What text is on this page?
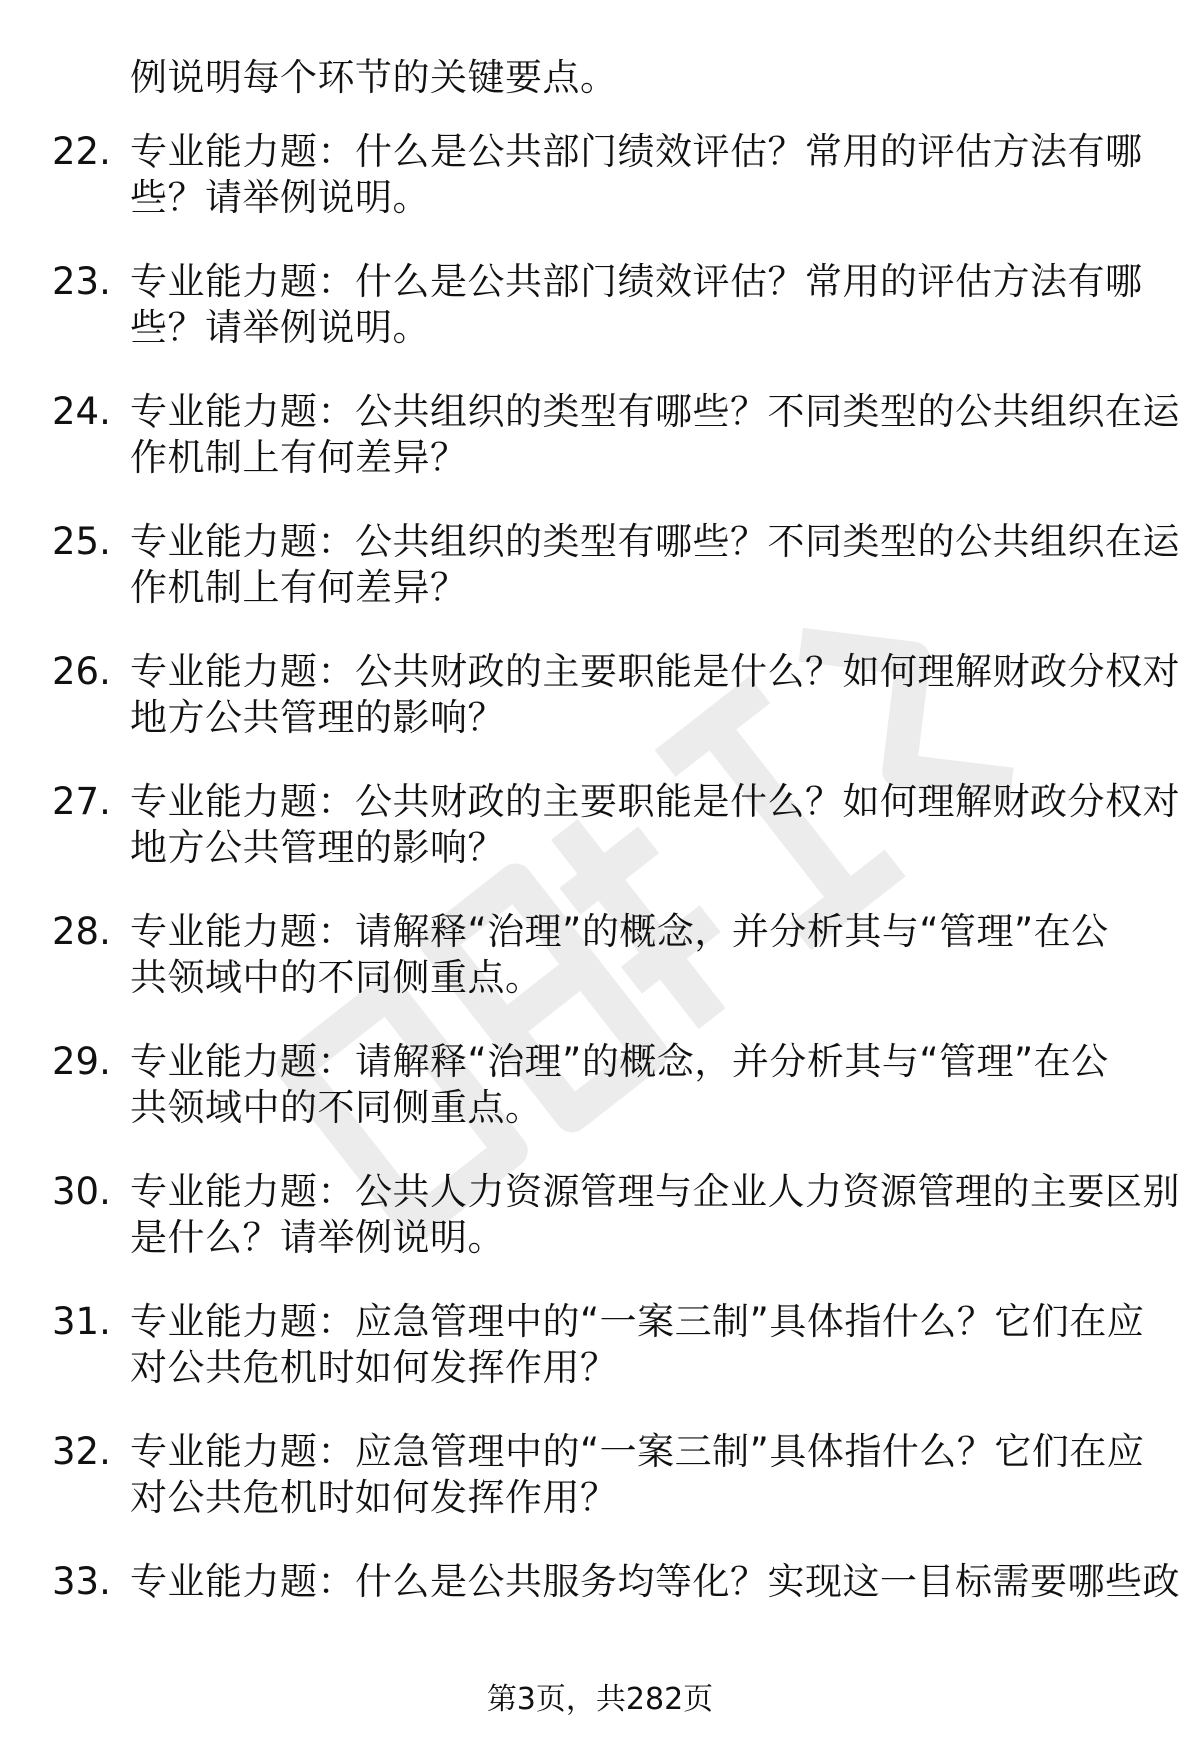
例说明每个环节的关键要点。
22. 专业能力题：什么是公共部门绩效评估？常用的评估方法有哪
些？请举例说明。
23. 专业能力题：什么是公共部门绩效评估？常用的评估方法有哪
些？请举例说明。
24. 专业能力题：公共组织的类型有哪些？不同类型的公共组织在运
作机制上有何差异？
25. 专业能力题：公共组织的类型有哪些？不同类型的公共组织在运
作机制上有何差异？
26. 专业能力题：公共财政的主要职能是什么？如何理解财政分权对
地方公共管理的影响？
27. 专业能力题：公共财政的主要职能是什么？如何理解财政分权对
地方公共管理的影响？
28. 专业能力题：请解释“治理”的概念，并分析其与“管理”在公
共领域中的不同侧重点。
29. 专业能力题：请解释“治理”的概念，并分析其与“管理”在公
共领域中的不同侧重点。
30. 专业能力题：公共人力资源管理与企业人力资源管理的主要区别
是什么？请举例说明。
31. 专业能力题：应急管理中的“一案三制”具体指什么？它们在应
对公共危机时如何发挥作用？
32. 专业能力题：应急管理中的“一案三制”具体指什么？它们在应
对公共危机时如何发挥作用？
33. 专业能力题：什么是公共服务均等化？实现这一目标需要哪些政
第3页，共282页
